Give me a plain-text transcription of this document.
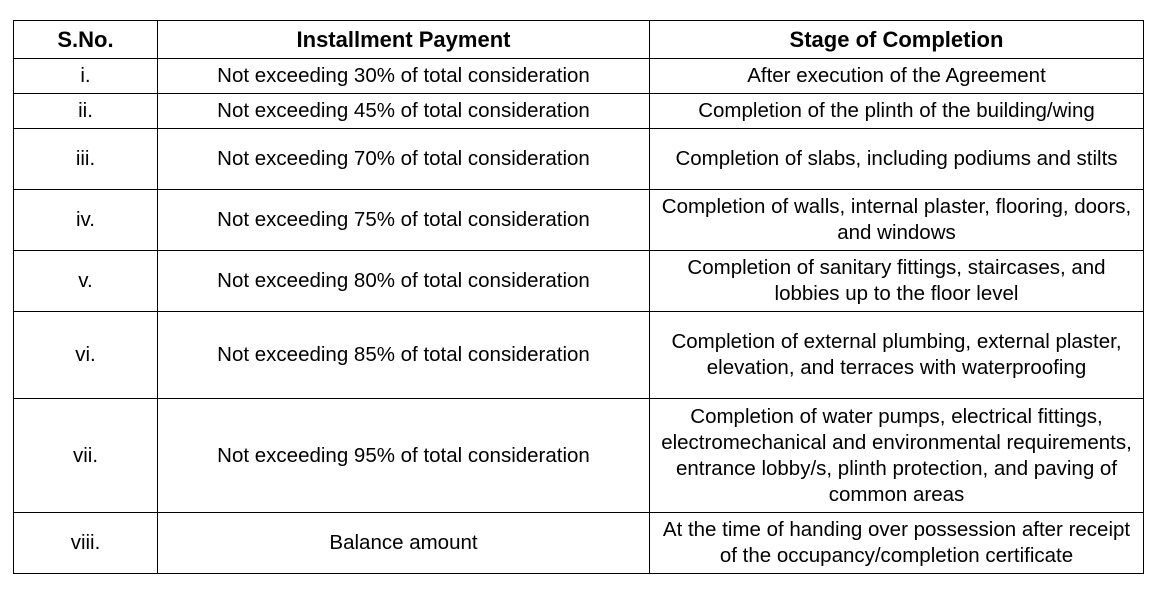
S.No.	Installment Payment	Stage of Completion
i.	Not exceeding 30% of total consideration	After execution of the Agreement
ii.	Not exceeding 45% of total consideration	Completion of the plinth of the building/wing
iii.	Not exceeding 70% of total consideration	Completion of slabs, including podiums and stilts
iv.	Not exceeding 75% of total consideration	Completion of walls, internal plaster, flooring, doors, and windows
v.	Not exceeding 80% of total consideration	Completion of sanitary fittings, staircases, and lobbies up to the floor level
vi.	Not exceeding 85% of total consideration	Completion of external plumbing, external plaster, elevation, and terraces with waterproofing
vii.	Not exceeding 95% of total consideration	Completion of water pumps, electrical fittings, electromechanical and environmental requirements, entrance lobby/s, plinth protection, and paving of common areas
viii.	Balance amount	At the time of handing over possession after receipt of the occupancy/completion certificate
